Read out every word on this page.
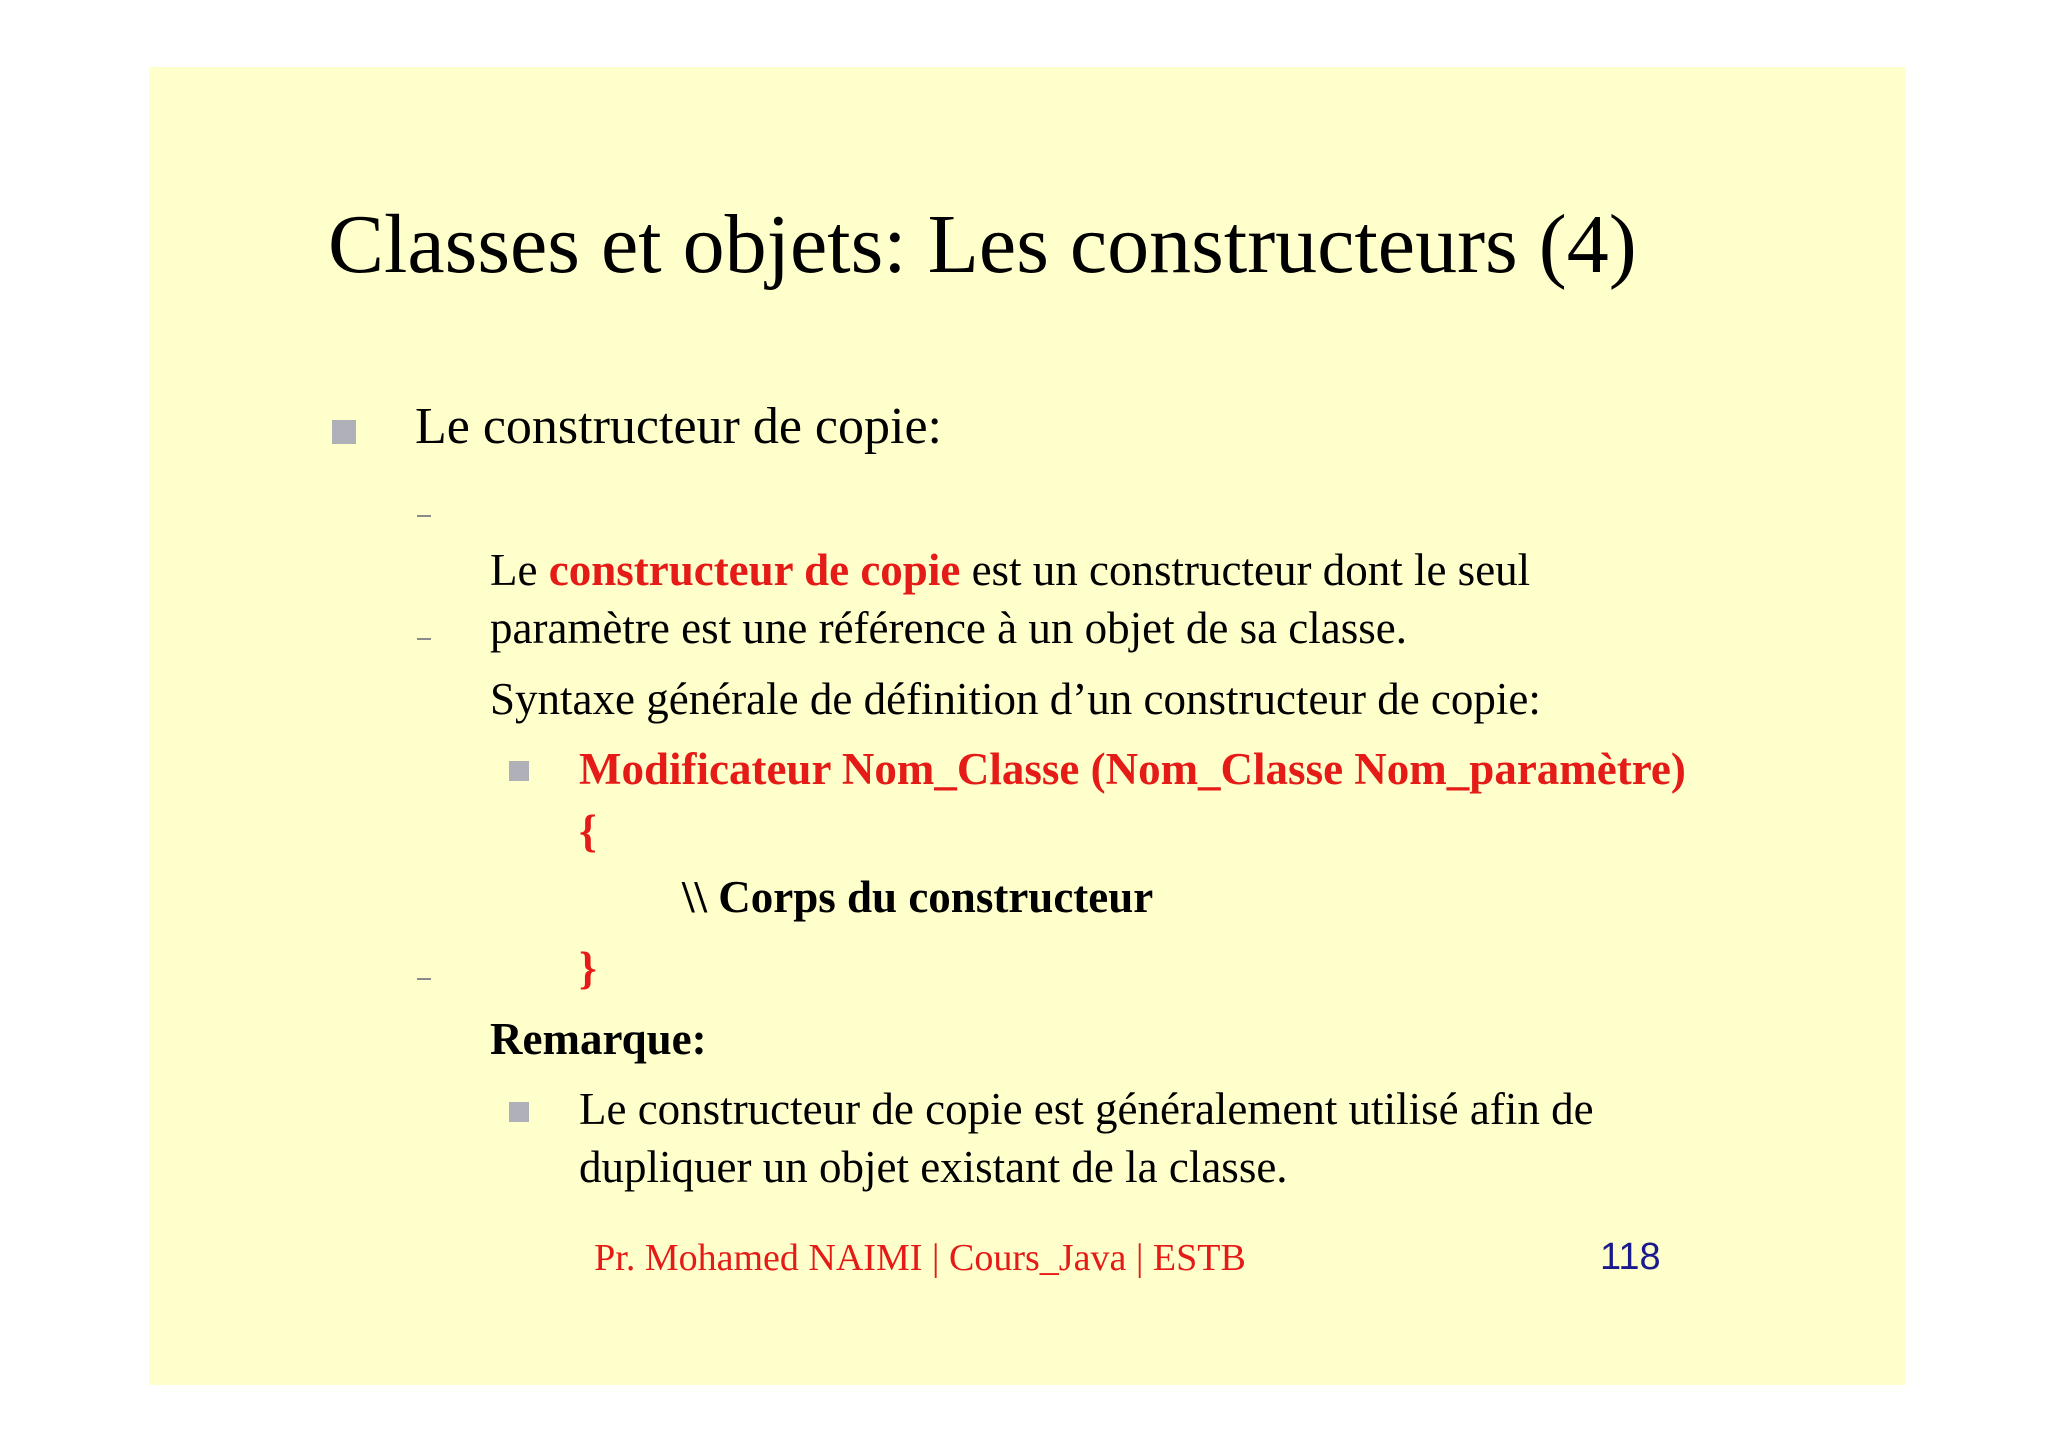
Classes et objets: Les constructeurs (4)

Le constructeur de copie:

Le constructeur de copie est un constructeur dont le seul

paramètre est une référence à un objet de sa classe.

Syntaxe générale de définition d’un constructeur de copie:

Modificateur Nom_Classe (Nom_Classe Nom_paramètre)

{

\\ Corps du constructeur

}

Remarque:

Le constructeur de copie est généralement utilisé afin de

dupliquer un objet existant de la classe.

Pr. Mohamed NAIMI | Cours_Java | ESTB	118
